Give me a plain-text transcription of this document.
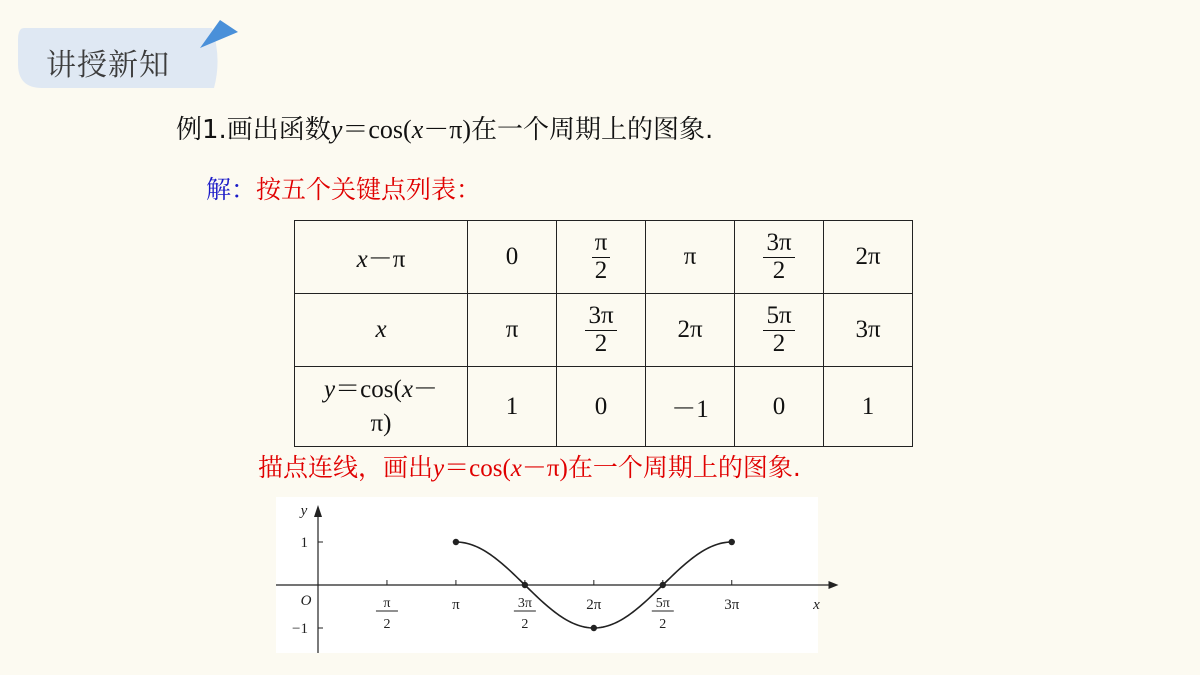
讲授新知
例1.画出函数y＝cos(x－π)在一个周期上的图象.
解：按五个关键点列表：
x－π	0	$\frac{\pi}{2}$	π	$\frac{3\pi}{2}$	2π
x	π	$\frac{3\pi}{2}$	2π	$\frac{5\pi}{2}$	3π
y＝cos(x－
π)	1	0	－1	0	1
描点连线，画出y＝cos(x－π)在一个周期上的图象.
x
y
O
1
−1
π
2
π	3π
2
2π	5π
2
3π
